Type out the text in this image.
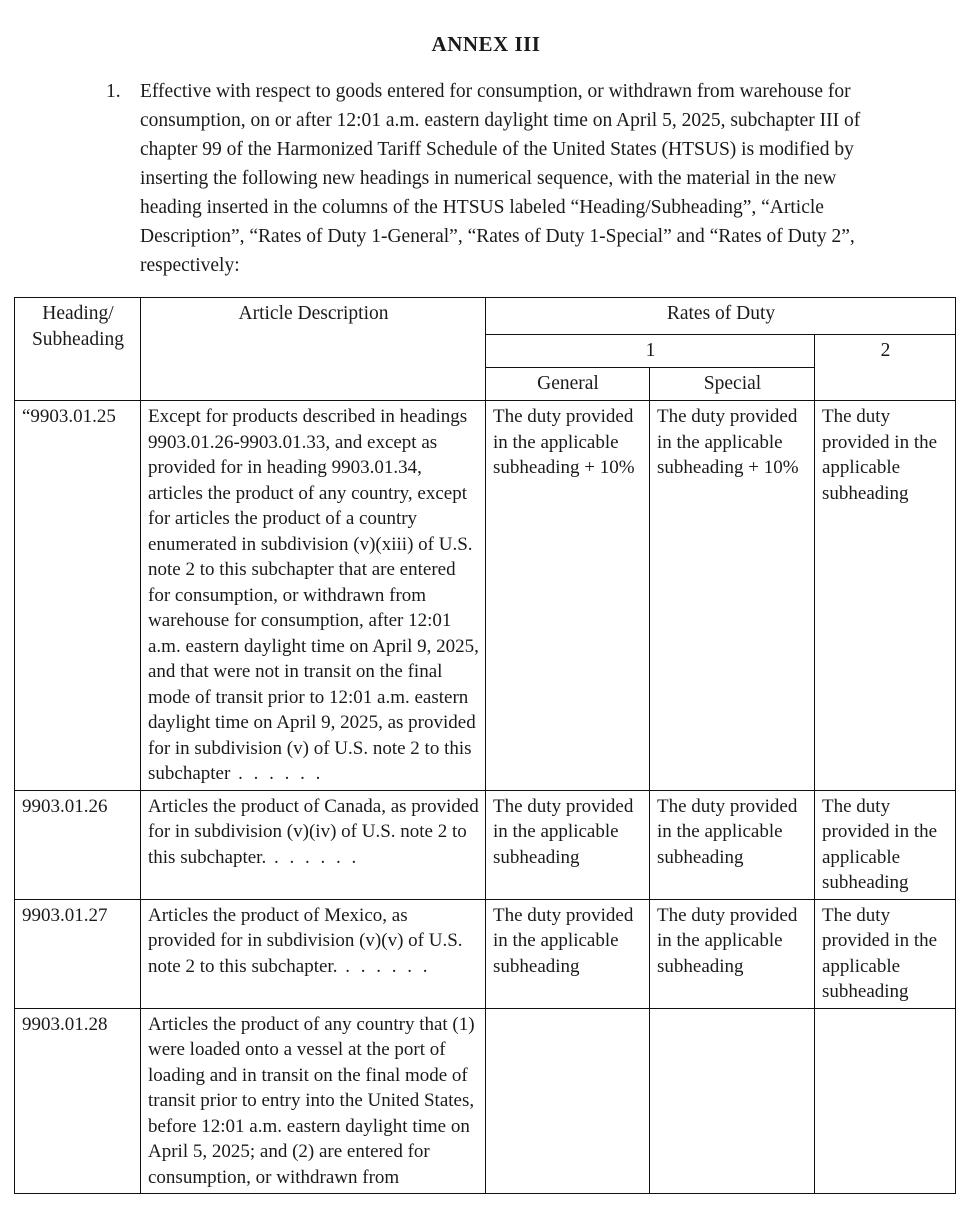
ANNEX III
1. Effective with respect to goods entered for consumption, or withdrawn from warehouse for consumption, on or after 12:01 a.m. eastern daylight time on April 5, 2025, subchapter III of chapter 99 of the Harmonized Tariff Schedule of the United States (HTSUS) is modified by inserting the following new headings in numerical sequence, with the material in the new heading inserted in the columns of the HTSUS labeled “Heading/Subheading”, “Article Description”, “Rates of Duty 1-General”, “Rates of Duty 1-Special” and “Rates of Duty 2”, respectively:

Heading/
Subheading	Article Description	Rates of Duty		
		1		2
		General	Special	
“9903.01.25	Except for products described in headings 9903.01.26-9903.01.33, and except as provided for in heading 9903.01.34, articles the product of any country, except for articles the product of a country enumerated in subdivision (v)(xiii) of U.S. note 2 to this subchapter that are entered for consumption, or withdrawn from warehouse for consumption, after 12:01 a.m. eastern daylight time on April 9, 2025, and that were not in transit on the final mode of transit prior to 12:01 a.m. eastern daylight time on April 9, 2025, as provided for in subdivision (v) of U.S. note 2 to this subchapter . . . . . .	The duty provided in the applicable subheading + 10%	The duty provided in the applicable subheading + 10%	The duty provided in the applicable subheading
9903.01.26	Articles the product of Canada, as provided for in subdivision (v)(iv) of U.S. note 2 to this subchapter. . . . . . .	The duty provided in the applicable subheading	The duty provided in the applicable subheading	The duty provided in the applicable subheading
9903.01.27	Articles the product of Mexico, as provided for in subdivision (v)(v) of U.S. note 2 to this subchapter. . . . . . .	The duty provided in the applicable subheading	The duty provided in the applicable subheading	The duty provided in the applicable subheading
9903.01.28	Articles the product of any country that (1) were loaded onto a vessel at the port of loading and in transit on the final mode of transit prior to entry into the United States, before 12:01 a.m. eastern daylight time on April 5, 2025; and (2) are entered for consumption, or withdrawn from			
